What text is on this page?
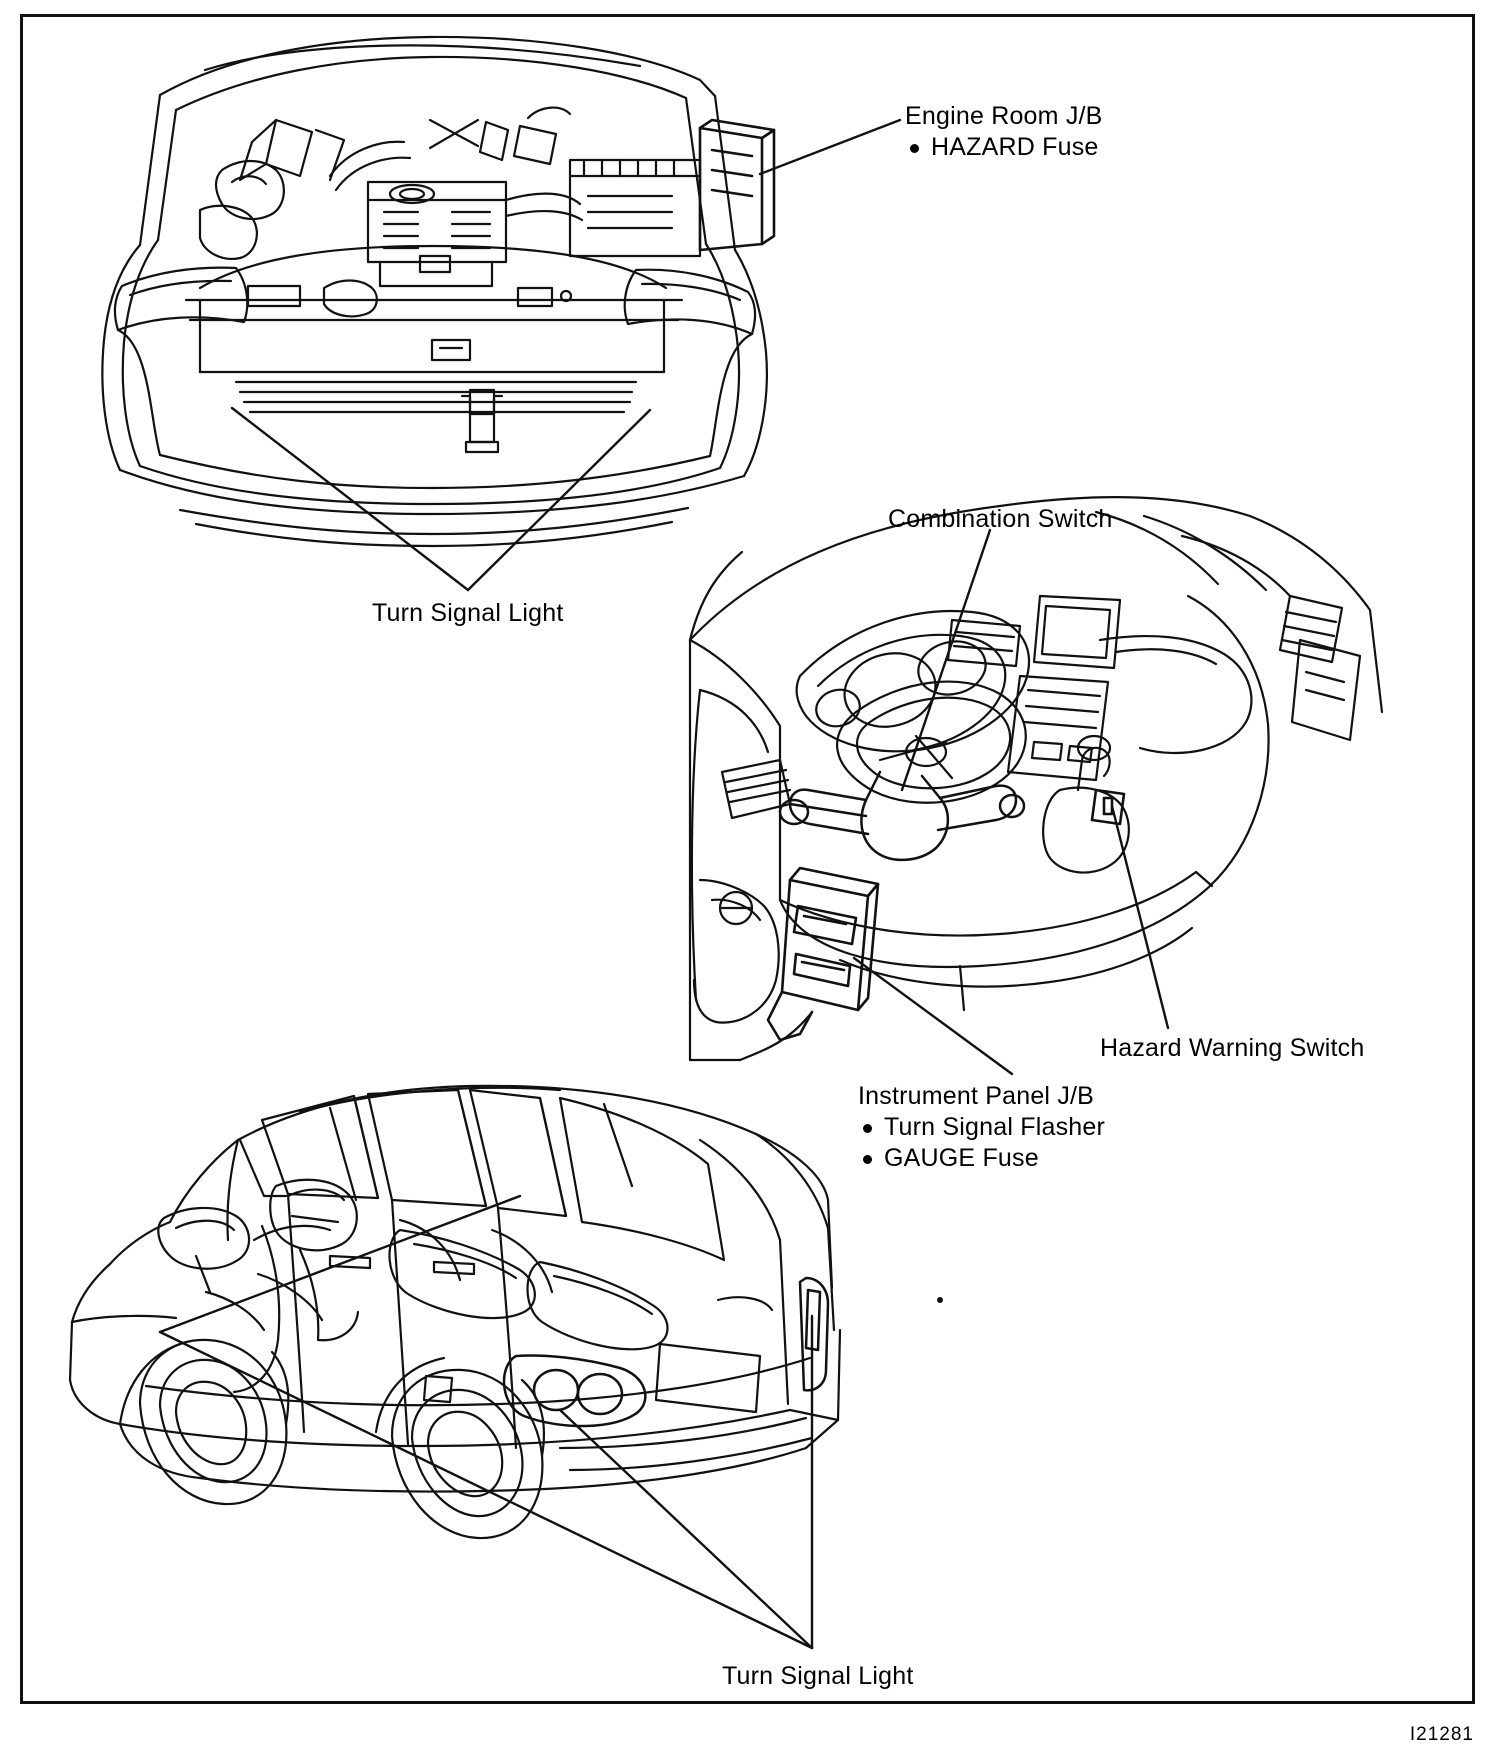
Engine Room J/B
HAZARD Fuse
Turn Signal Light
Combination Switch
Hazard Warning Switch
Instrument Panel J/B
Turn Signal Flasher
GAUGE Fuse
Turn Signal Light
I21281
